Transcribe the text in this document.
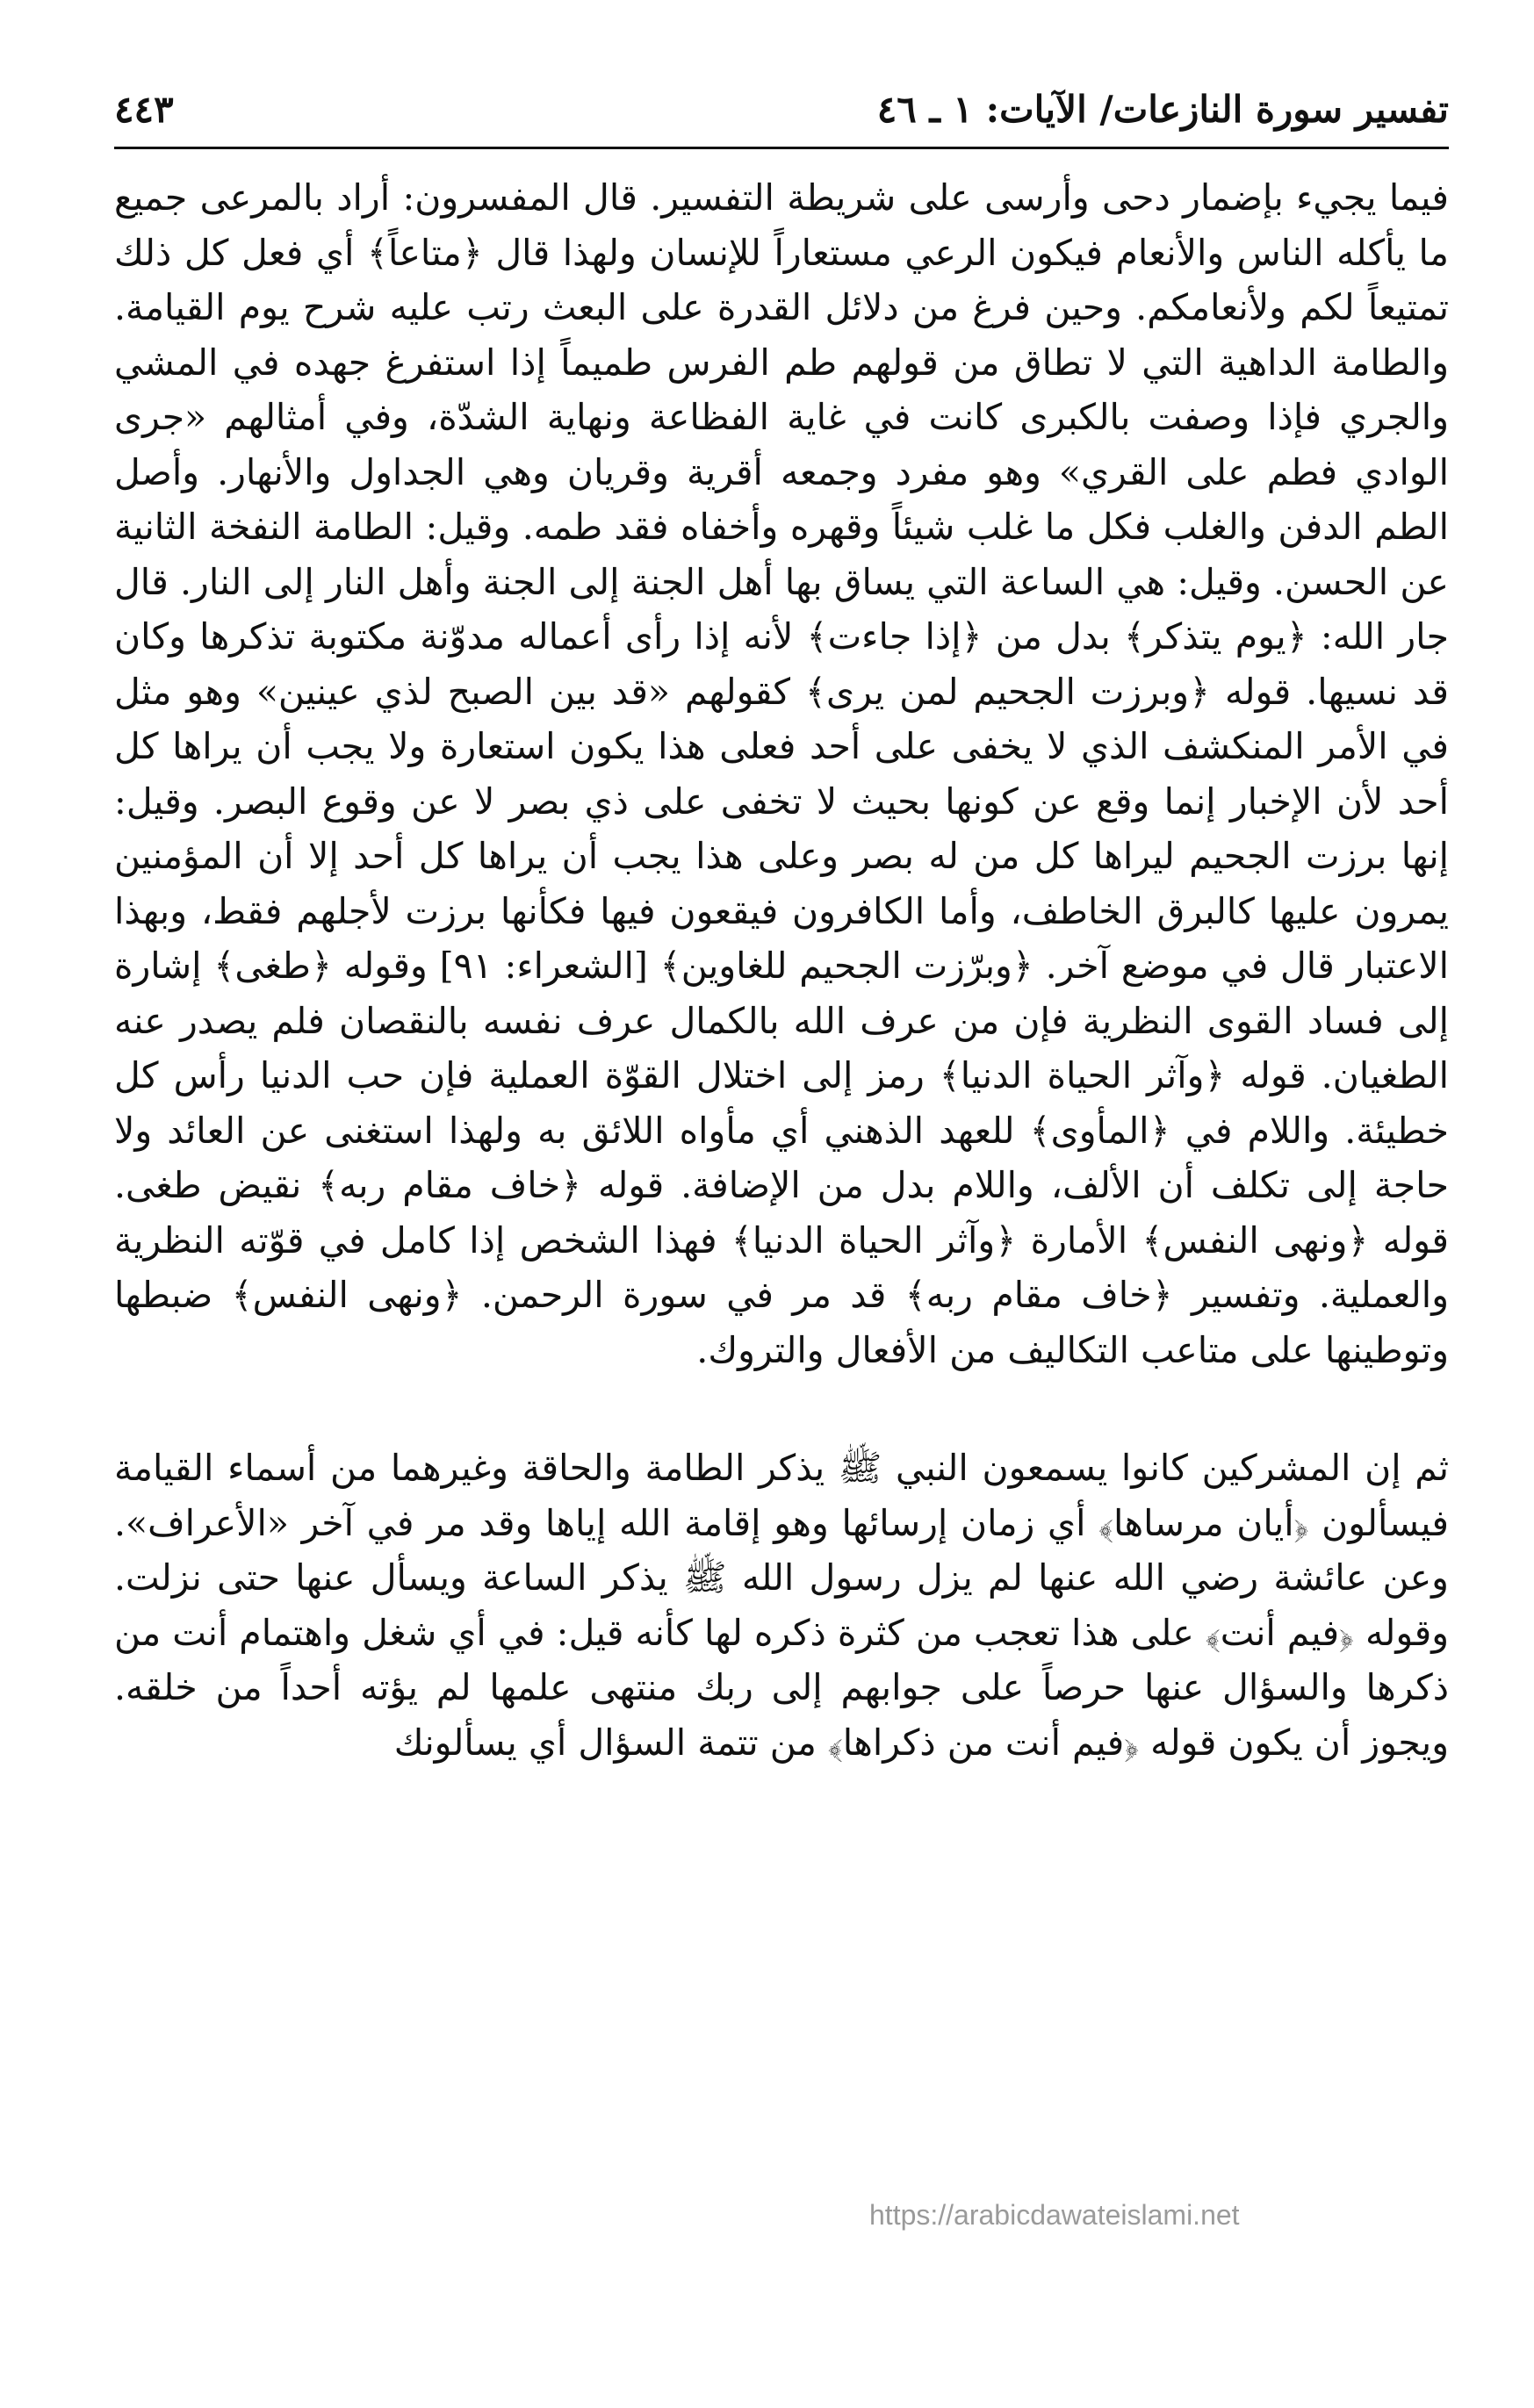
تفسير سورة النازعات/ الآيات: ١ ـ ٤٦
٤٤٣

فيما يجيء بإضمار دحى وأرسى على شريطة التفسير. قال المفسرون: أراد بالمرعى جميع ما يأكله الناس والأنعام فيكون الرعي مستعاراً للإنسان ولهذا قال ﴿متاعاً﴾ أي فعل كل ذلك تمتيعاً لكم ولأنعامكم. وحين فرغ من دلائل القدرة على البعث رتب عليه شرح يوم القيامة. والطامة الداهية التي لا تطاق من قولهم طم الفرس طميماً إذا استفرغ جهده في المشي والجري فإذا وصفت بالكبرى كانت في غاية الفظاعة ونهاية الشدّة، وفي أمثالهم «جرى الوادي فطم على القري» وهو مفرد وجمعه أقرية وقريان وهي الجداول والأنهار. وأصل الطم الدفن والغلب فكل ما غلب شيئاً وقهره وأخفاه فقد طمه. وقيل: الطامة النفخة الثانية عن الحسن. وقيل: هي الساعة التي يساق بها أهل الجنة إلى الجنة وأهل النار إلى النار. قال جار الله: ﴿يوم يتذكر﴾ بدل من ﴿إذا جاءت﴾ لأنه إذا رأى أعماله مدوّنة مكتوبة تذكرها وكان قد نسيها. قوله ﴿وبرزت الجحيم لمن يرى﴾ كقولهم «قد بين الصبح لذي عينين» وهو مثل في الأمر المنكشف الذي لا يخفى على أحد فعلى هذا يكون استعارة ولا يجب أن يراها كل أحد لأن الإخبار إنما وقع عن كونها بحيث لا تخفى على ذي بصر لا عن وقوع البصر. وقيل: إنها برزت الجحيم ليراها كل من له بصر وعلى هذا يجب أن يراها كل أحد إلا أن المؤمنين يمرون عليها كالبرق الخاطف، وأما الكافرون فيقعون فيها فكأنها برزت لأجلهم فقط، وبهذا الاعتبار قال في موضع آخر. ﴿وبرّزت الجحيم للغاوين﴾ [الشعراء: ٩١] وقوله ﴿طغى﴾ إشارة إلى فساد القوى النظرية فإن من عرف الله بالكمال عرف نفسه بالنقصان فلم يصدر عنه الطغيان. قوله ﴿وآثر الحياة الدنيا﴾ رمز إلى اختلال القوّة العملية فإن حب الدنيا رأس كل خطيئة. واللام في ﴿المأوى﴾ للعهد الذهني أي مأواه اللائق به ولهذا استغنى عن العائد ولا حاجة إلى تكلف أن الألف، واللام بدل من الإضافة. قوله ﴿خاف مقام ربه﴾ نقيض طغى. قوله ﴿ونهى النفس﴾ الأمارة ﴿وآثر الحياة الدنيا﴾ فهذا الشخص إذا كامل في قوّته النظرية والعملية. وتفسير ﴿خاف مقام ربه﴾ قد مر في سورة الرحمن. ﴿ونهى النفس﴾ ضبطها وتوطينها على متاعب التكاليف من الأفعال والتروك.

ثم إن المشركين كانوا يسمعون النبي ﷺ يذكر الطامة والحاقة وغيرهما من أسماء القيامة فيسألون ﴿أيان مرساها﴾ أي زمان إرسائها وهو إقامة الله إياها وقد مر في آخر «الأعراف». وعن عائشة رضي الله عنها لم يزل رسول الله ﷺ يذكر الساعة ويسأل عنها حتى نزلت. وقوله ﴿فيم أنت﴾ على هذا تعجب من كثرة ذكره لها كأنه قيل: في أي شغل واهتمام أنت من ذكرها والسؤال عنها حرصاً على جوابهم إلى ربك منتهى علمها لم يؤته أحداً من خلقه. ويجوز أن يكون قوله ﴿فيم أنت من ذكراها﴾ من تتمة السؤال أي يسألونك

https://arabicdawateislami.net
